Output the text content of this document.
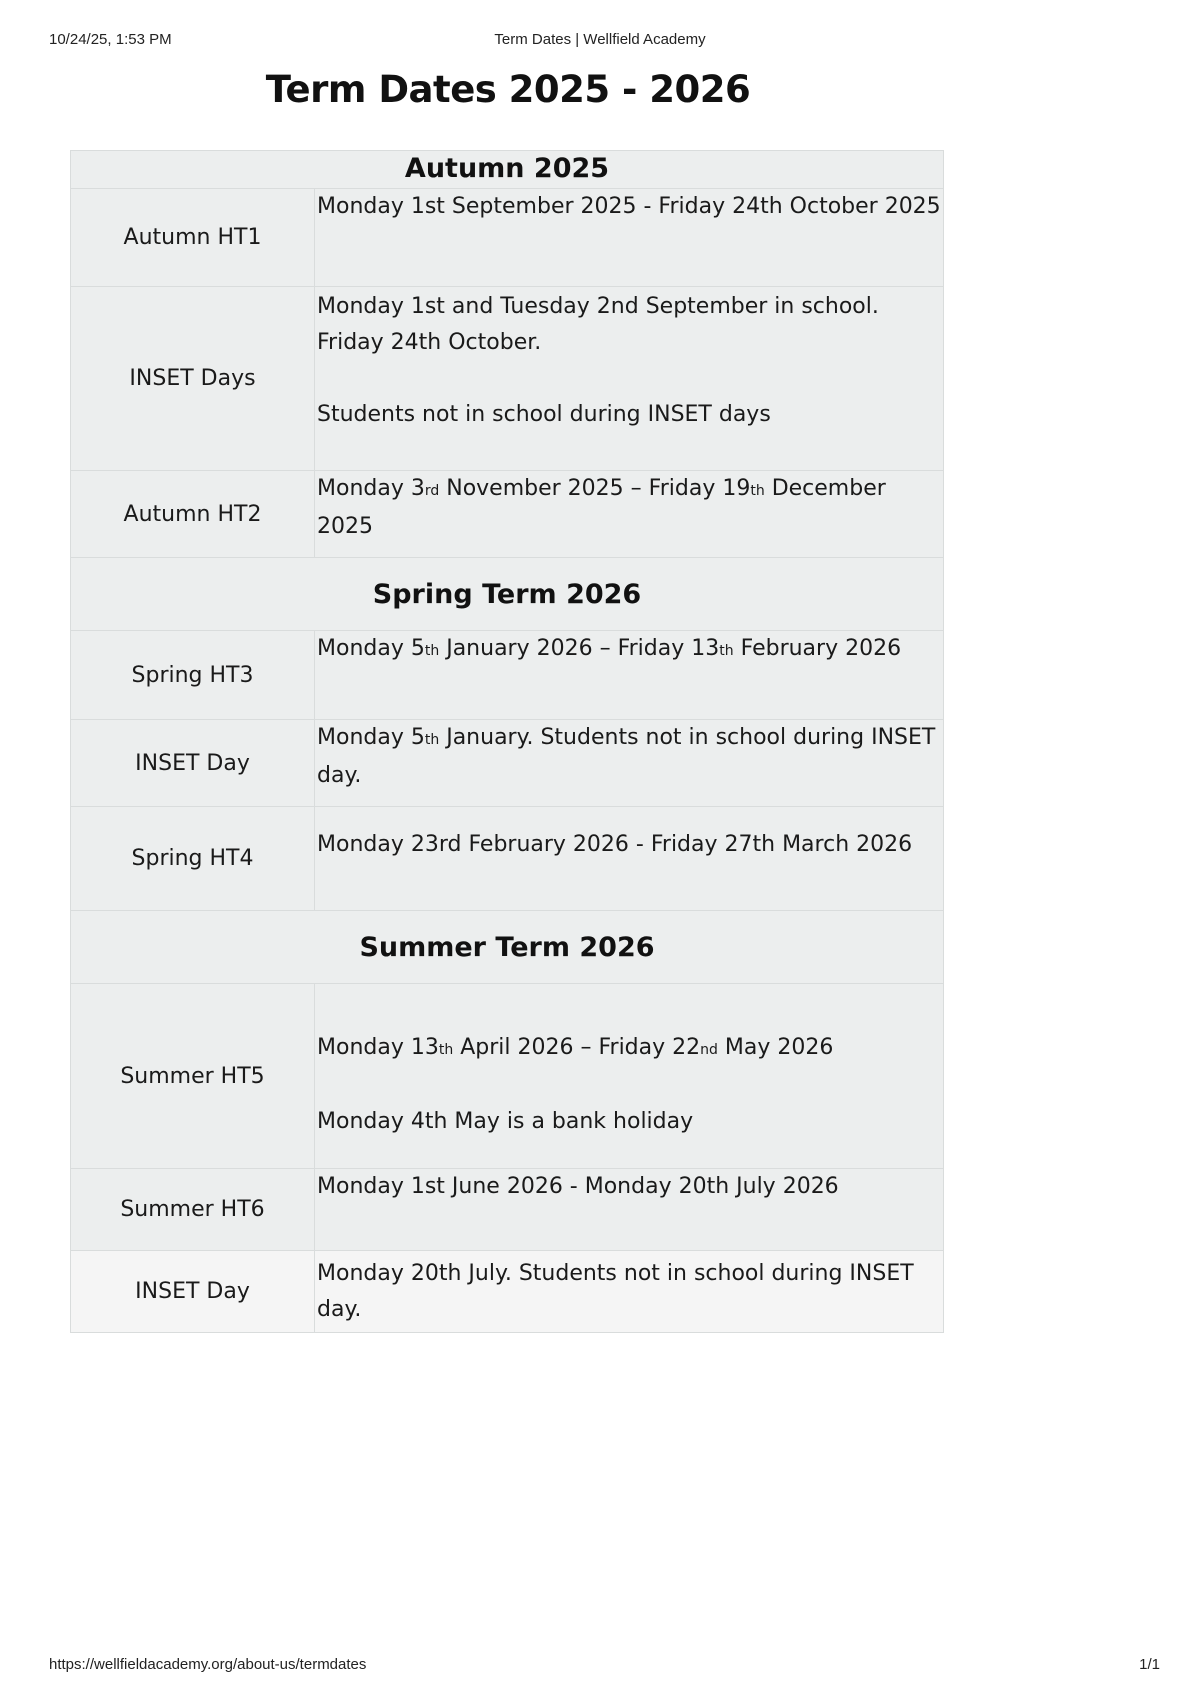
10/24/25, 1:53 PM	Term Dates | Wellfield Academy
Term Dates 2025 - 2026
Autumn 2025	
Autumn HT1	Monday 1st September 2025 - Friday 24th October 2025
INSET Days	Monday 1st and Tuesday 2nd September in school.
Friday 24th October.
Students not in school during INSET days

Autumn HT2	Monday 3rd November 2025 – Friday 19th December 2025
Spring Term 2026	
Spring HT3	Monday 5th January 2026 – Friday 13th February 2026
INSET Day	Monday 5th January. Students not in school during INSET day.
Spring HT4	Monday 23rd February 2026 - Friday 27th March 2026
Summer Term 2026	
Summer HT5	Monday 13th April 2026 – Friday 22nd May 2026
Monday 4th May is a bank holiday

Summer HT6	Monday 1st June 2026 - Monday 20th July 2026
INSET Day	Monday 20th July. Students not in school during INSET day.
https://wellfieldacademy.org/about-us/termdates	1/1
